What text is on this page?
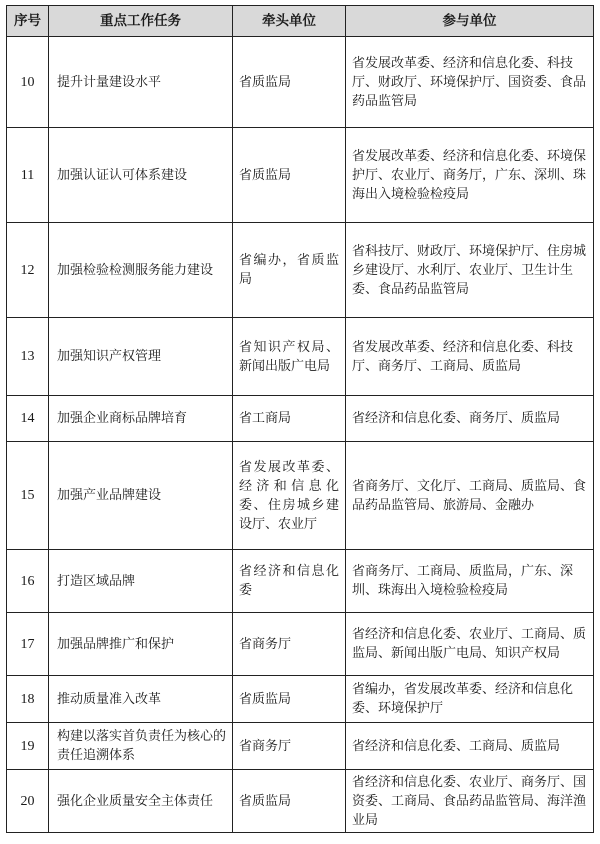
序号	重点工作任务	牵头单位	参与单位
10	提升计量建设水平	省质监局	省发展改革委、经济和信息化委、科技厅、财政厅、环境保护厅、国资委、食品药品监管局
11	加强认证认可体系建设	省质监局	省发展改革委、经济和信息化委、环境保护厅、农业厅、商务厅，广东、深圳、珠海出入境检验检疫局
12	加强检验检测服务能力建设	省编办，省质监局	省科技厅、财政厅、环境保护厅、住房城乡建设厅、水利厅、农业厅、卫生计生委、食品药品监管局
13	加强知识产权管理	省知识产权局、新闻出版广电局	省发展改革委、经济和信息化委、科技厅、商务厅、工商局、质监局
14	加强企业商标品牌培育	省工商局	省经济和信息化委、商务厅、质监局
15	加强产业品牌建设	省发展改革委、经济和信息化委、住房城乡建设厅、农业厅	省商务厅、文化厅、工商局、质监局、食品药品监管局、旅游局、金融办
16	打造区域品牌	省经济和信息化委	省商务厅、工商局、质监局，广东、深圳、珠海出入境检验检疫局
17	加强品牌推广和保护	省商务厅	省经济和信息化委、农业厅、工商局、质监局、新闻出版广电局、知识产权局
18	推动质量准入改革	省质监局	省编办，省发展改革委、经济和信息化委、环境保护厅
19	构建以落实首负责任为核心的责任追溯体系	省商务厅	省经济和信息化委、工商局、质监局
20	强化企业质量安全主体责任	省质监局	省经济和信息化委、农业厅、商务厅、国资委、工商局、食品药品监管局、海洋渔业局
